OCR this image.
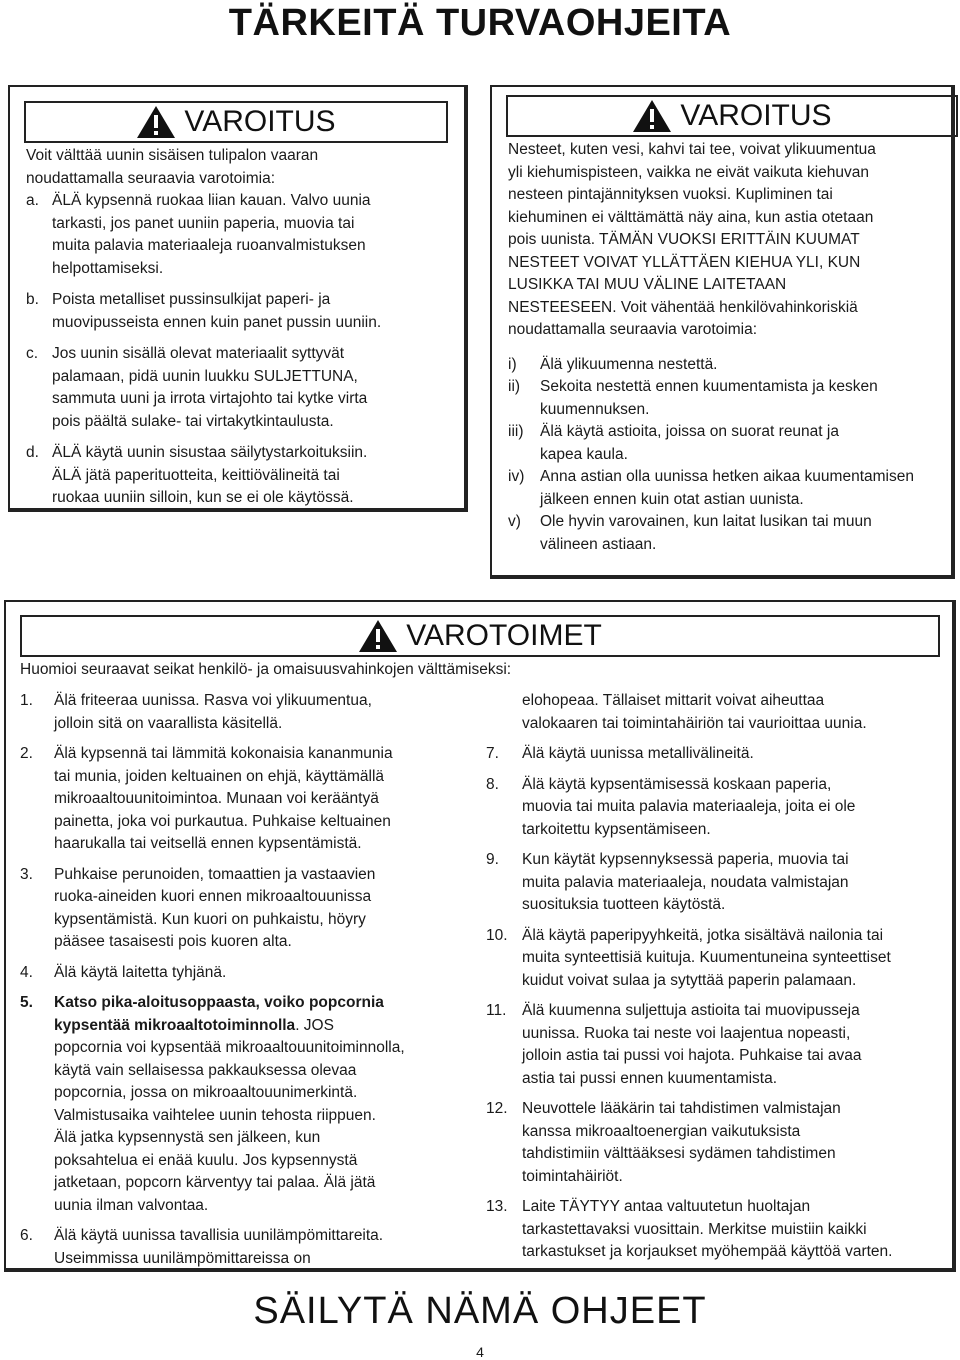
TÄRKEITÄ TURVAOHJEITA
VAROITUS
Voit välttää uunin sisäisen tulipalon vaaran
noudattamalla seuraavia varotoimia:
a. ÄLÄ kypsennä ruokaa liian kauan. Valvo uunia
tarkasti, jos panet uuniin paperia, muovia tai
muita palavia materiaaleja ruoanvalmistuksen
helpottamiseksi.
b. Poista metalliset pussinsulkijat paperi- ja
muovipusseista ennen kuin panet pussin uuniin.
c. Jos uunin sisällä olevat materiaalit syttyvät
palamaan, pidä uunin luukku SULJETTUNA,
sammuta uuni ja irrota virtajohto tai kytke virta
pois päältä sulake- tai virtakytkintaulusta.
d. ÄLÄ käytä uunin sisustaa säilytystarkoituksiin.
ÄLÄ jätä paperituotteita, keittiövälineitä tai
ruokaa uuniin silloin, kun se ei ole käytössä.
VAROITUS
Nesteet, kuten vesi, kahvi tai tee, voivat ylikuumentua
yli kiehumispisteen, vaikka ne eivät vaikuta kiehuvan
nesteen pintajännityksen vuoksi. Kupliminen tai
kiehuminen ei välttämättä näy aina, kun astia otetaan
pois uunista. TÄMÄN VUOKSI ERITTÄIN KUUMAT
NESTEET VOIVAT YLLÄTTÄEN KIEHUA YLI, KUN
LUSIKKA TAI MUU VÄLINE LAITETAAN
NESTEESEEN. Voit vähentää henkilövahinkoriskiä
noudattamalla seuraavia varotoimia:
i)	Älä ylikuumenna nestettä.
ii)	Sekoita nestettä ennen kuumentamista ja kesken
kuumennuksen.
iii)	Älä käytä astioita, joissa on suorat reunat ja
kapea kaula.
iv)	Anna astian olla uunissa hetken aikaa kuumentamisen
jälkeen ennen kuin otat astian uunista.
v)	Ole hyvin varovainen, kun laitat lusikan tai muun
välineen astiaan.
VAROTOIMET
Huomioi seuraavat seikat henkilö- ja omaisuusvahinkojen välttämiseksi:
1.	Älä friteeraa uunissa. Rasva voi ylikuumentua,
jolloin sitä on vaarallista käsitellä.
2.	Älä kypsennä tai lämmitä kokonaisia kananmunia
tai munia, joiden keltuainen on ehjä, käyttämällä
mikroaaltouunitoimintoa. Munaan voi kerääntyä
painetta, joka voi purkautua. Puhkaise keltuainen
haarukalla tai veitsellä ennen kypsentämistä.
3.	Puhkaise perunoiden, tomaattien ja vastaavien
ruoka-aineiden kuori ennen mikroaaltouunissa
kypsentämistä. Kun kuori on puhkaistu, höyry
pääsee tasaisesti pois kuoren alta.
4.	Älä käytä laitetta tyhjänä.
5.	Katso pika-aloitusoppaasta, voiko popcornia
kypsentää mikroaaltotoiminnolla. JOS
popcornia voi kypsentää mikroaaltouunitoiminnolla,
käytä vain sellaisessa pakkauksessa olevaa
popcornia, jossa on mikroaaltouunimerkintä.
Valmistusaika vaihtelee uunin tehosta riippuen.
Älä jatka kypsennystä sen jälkeen, kun
poksahtelua ei enää kuulu. Jos kypsennystä
jatketaan, popcorn kärventyy tai palaa. Älä jätä
uunia ilman valvontaa.
6.	Älä käytä uunissa tavallisia uunilämpömittareita.
Useimmissa uunilämpömittareissa on
elohopeaa. Tällaiset mittarit voivat aiheuttaa
valokaaren tai toimintahäiriön tai vaurioittaa uunia.
7.	Älä käytä uunissa metallivälineitä.
8.	Älä käytä kypsentämisessä koskaan paperia,
muovia tai muita palavia materiaaleja, joita ei ole
tarkoitettu kypsentämiseen.
9.	Kun käytät kypsennyksessä paperia, muovia tai
muita palavia materiaaleja, noudata valmistajan
suosituksia tuotteen käytöstä.
10. Älä käytä paperipyyhkeitä, jotka sisältävä nailonia tai
muita synteettisiä kuituja. Kuumentuneina synteettiset
kuidut voivat sulaa ja sytyttää paperin palamaan.
11.	Älä kuumenna suljettuja astioita tai muovipusseja
uunissa. Ruoka tai neste voi laajentua nopeasti,
jolloin astia tai pussi voi hajota. Puhkaise tai avaa
astia tai pussi ennen kuumentamista.
12. Neuvottele lääkärin tai tahdistimen valmistajan
kanssa mikroaaltoenergian vaikutuksista
tahdistimiin välttääksesi sydämen tahdistimen
toimintahäiriöt.
13. Laite TÄYTYY antaa valtuutetun huoltajan
tarkastettavaksi vuosittain. Merkitse muistiin kaikki
tarkastukset ja korjaukset myöhempää käyttöä varten.
SÄILYTÄ NÄMÄ OHJEET
4
